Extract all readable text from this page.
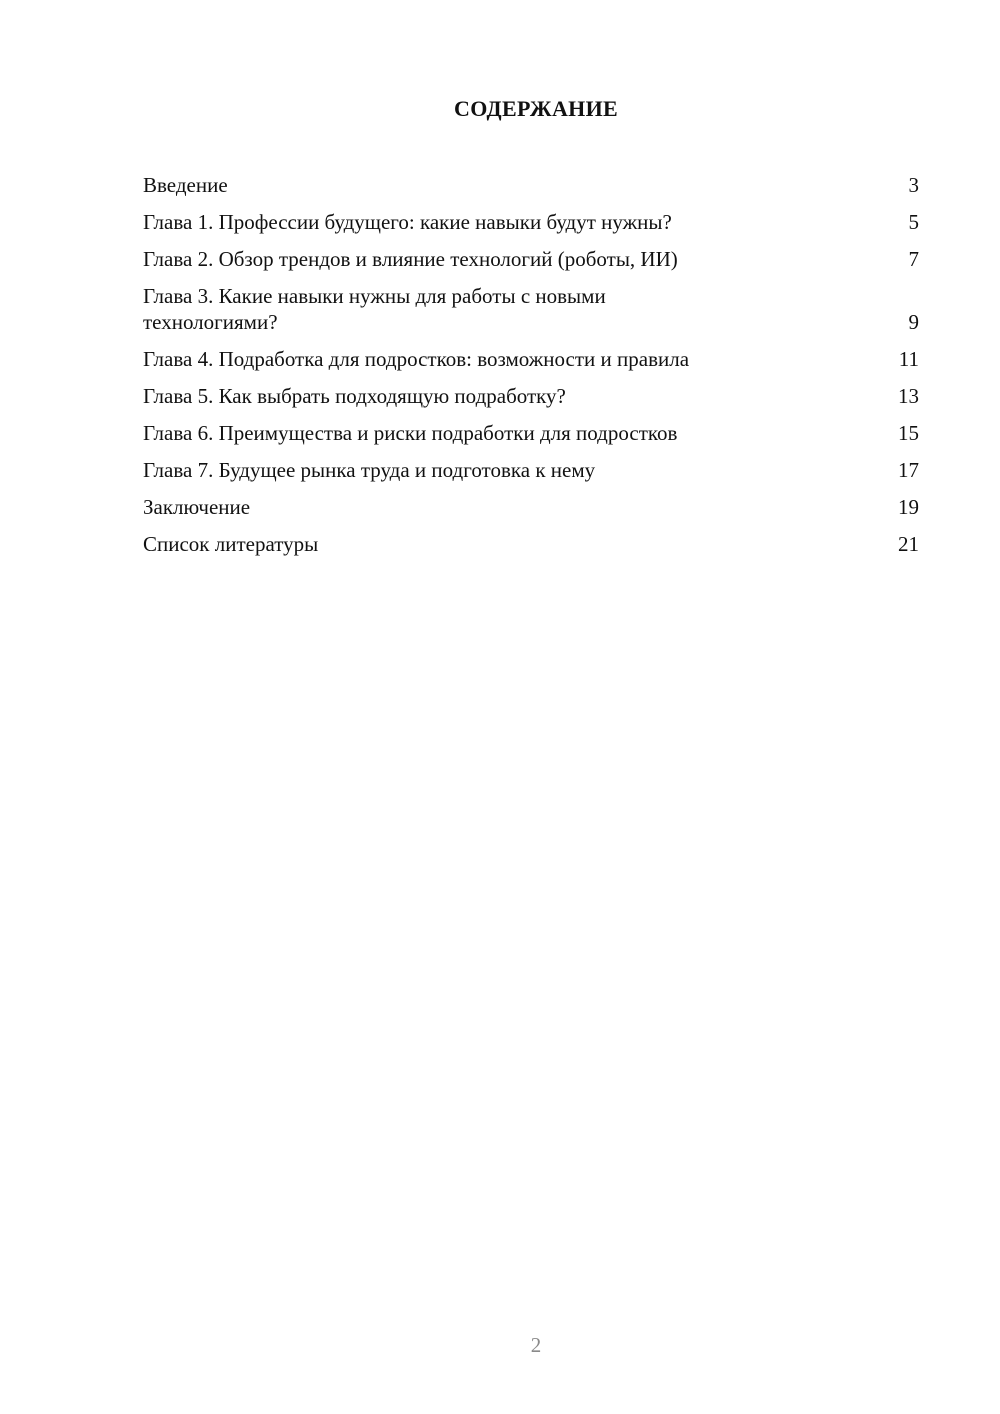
СОДЕРЖАНИЕ
Введение	3
Глава 1. Профессии будущего: какие навыки будут нужны?	5
Глава 2. Обзор трендов и влияние технологий (роботы, ИИ)	7
Глава 3. Какие навыки нужны для работы с новыми технологиями?	9
Глава 4. Подработка для подростков: возможности и правила	11
Глава 5. Как выбрать подходящую подработку?	13
Глава 6. Преимущества и риски подработки для подростков	15
Глава 7. Будущее рынка труда и подготовка к нему	17
Заключение	19
Список литературы	21
2
